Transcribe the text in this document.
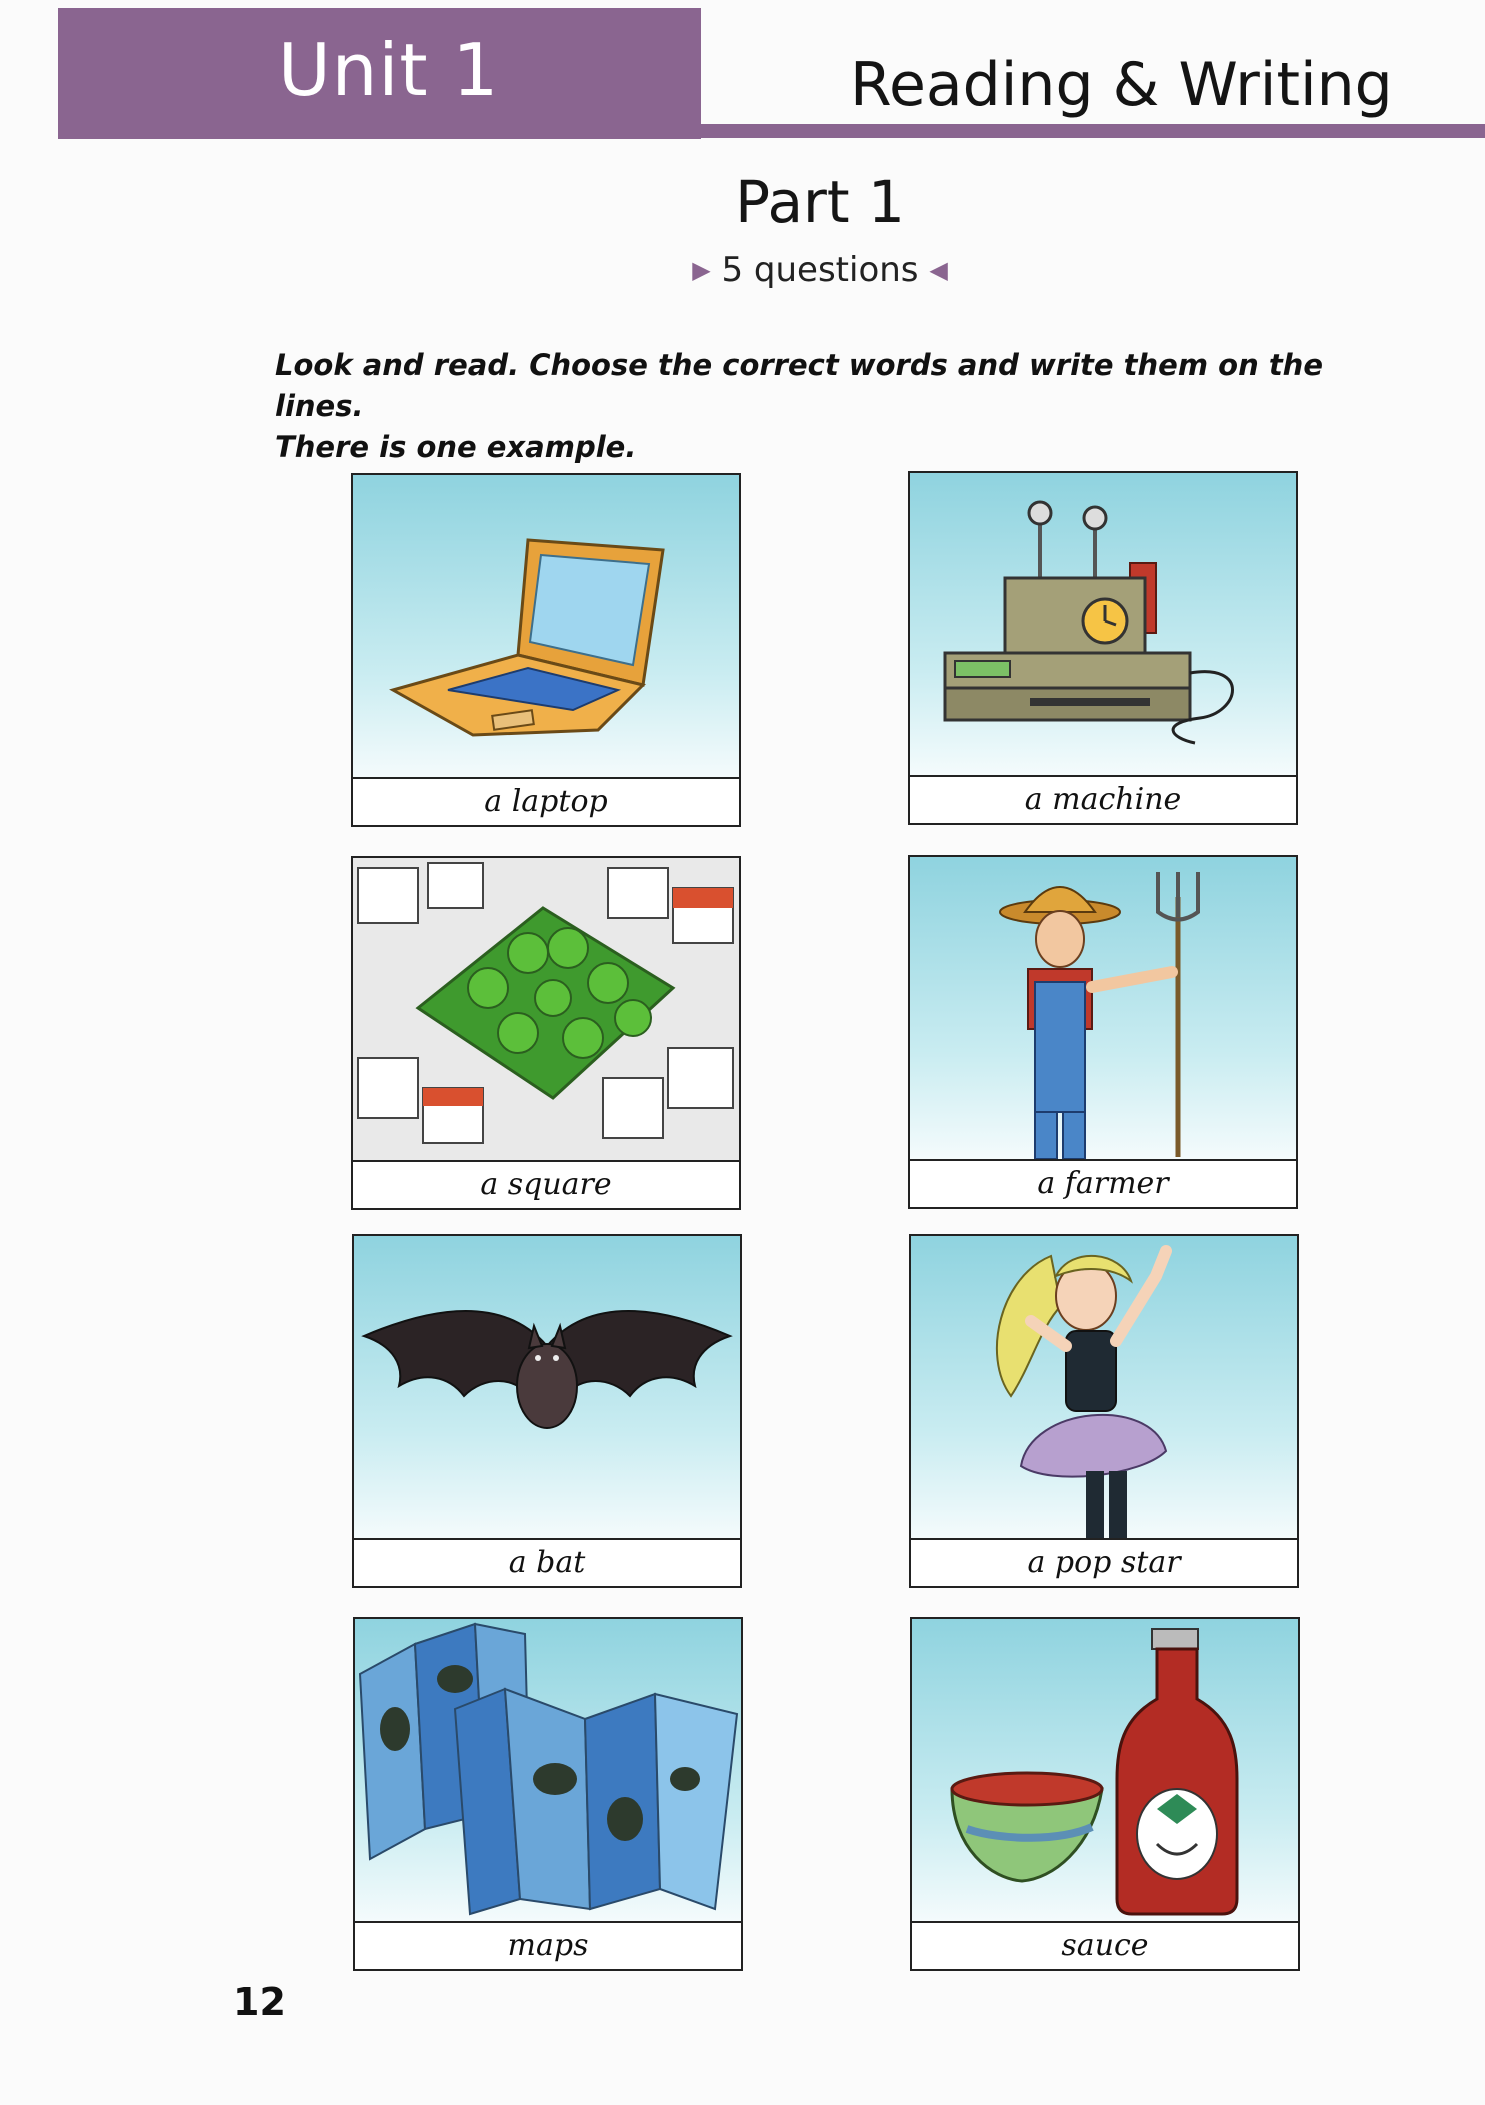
Unit 1	Reading & Writing
Part 1
▶ 5 questions ◀
Look and read. Choose the correct words and write them on the lines.
There is one example.
a laptop	a machine
a square	a farmer
a bat	a pop star
maps	sauce
12
